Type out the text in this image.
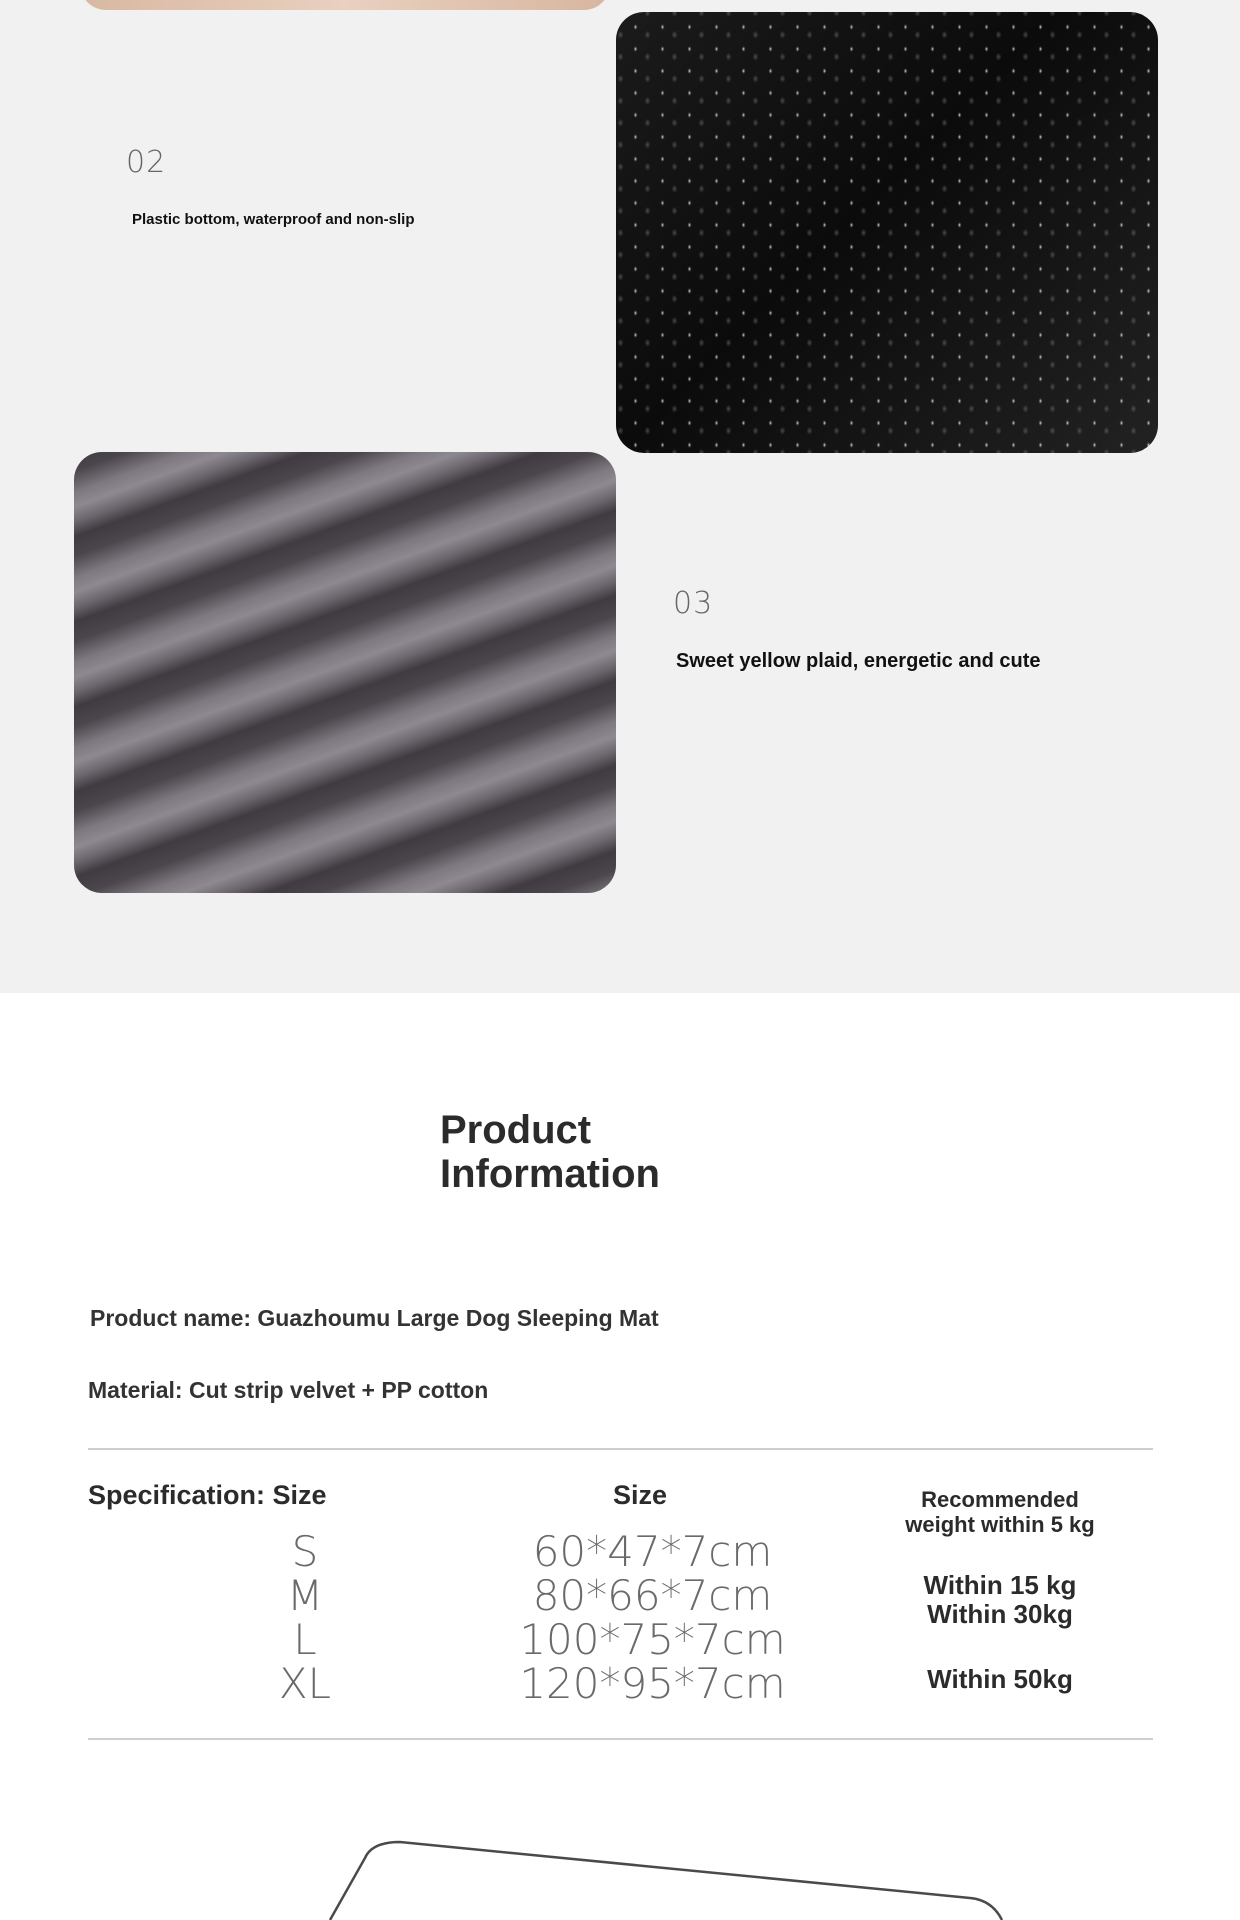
02
Plastic bottom, waterproof and non-slip
03
Sweet yellow plaid, energetic and cute
Product Information
Product name: Guazhoumu Large Dog Sleeping Mat
Material: Cut strip velvet + PP cotton
Specification: Size	Size
S
M
L
XL
60*47*7cm
80*66*7cm
100*75*7cm
120*95*7cm
Recommended weight within 5 kg
Within 15 kg Within 30kg
Within 50kg
